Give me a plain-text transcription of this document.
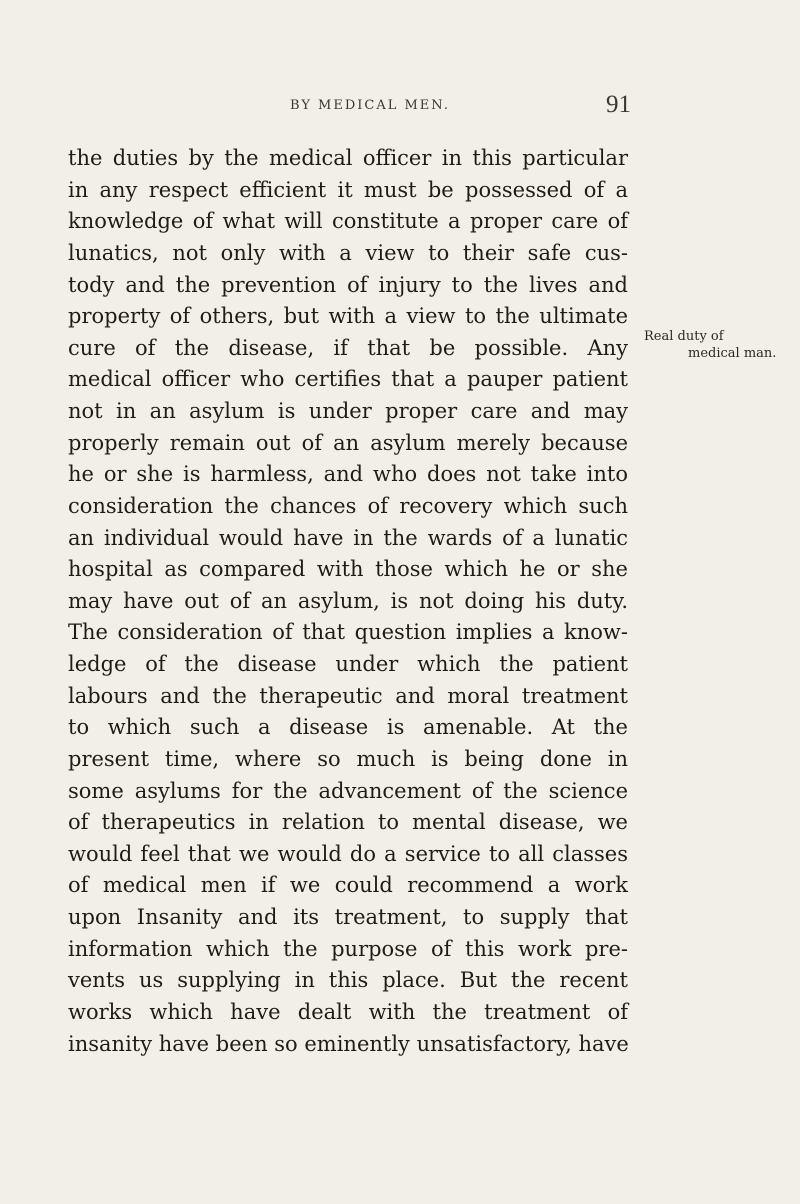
BY MEDICAL MEN.	91
Real duty of
medical man.
the duties by the medical officer in this particular
in any respect efficient it must be possessed of a
knowledge of what will constitute a proper care of
lunatics, not only with a view to their safe cus-
tody and the prevention of injury to the lives and
property of others, but with a view to the ultimate
cure of the disease, if that be possible. Any
medical officer who certifies that a pauper patient
not in an asylum is under proper care and may
properly remain out of an asylum merely because
he or she is harmless, and who does not take into
consideration the chances of recovery which such
an individual would have in the wards of a lunatic
hospital as compared with those which he or she
may have out of an asylum, is not doing his duty.
The consideration of that question implies a know-
ledge of the disease under which the patient
labours and the therapeutic and moral treatment
to which such a disease is amenable. At the
present time, where so much is being done in
some asylums for the advancement of the science
of therapeutics in relation to mental disease, we
would feel that we would do a service to all classes
of medical men if we could recommend a work
upon Insanity and its treatment, to supply that
information which the purpose of this work pre-
vents us supplying in this place. But the recent
works which have dealt with the treatment of
insanity have been so eminently unsatisfactory, have
